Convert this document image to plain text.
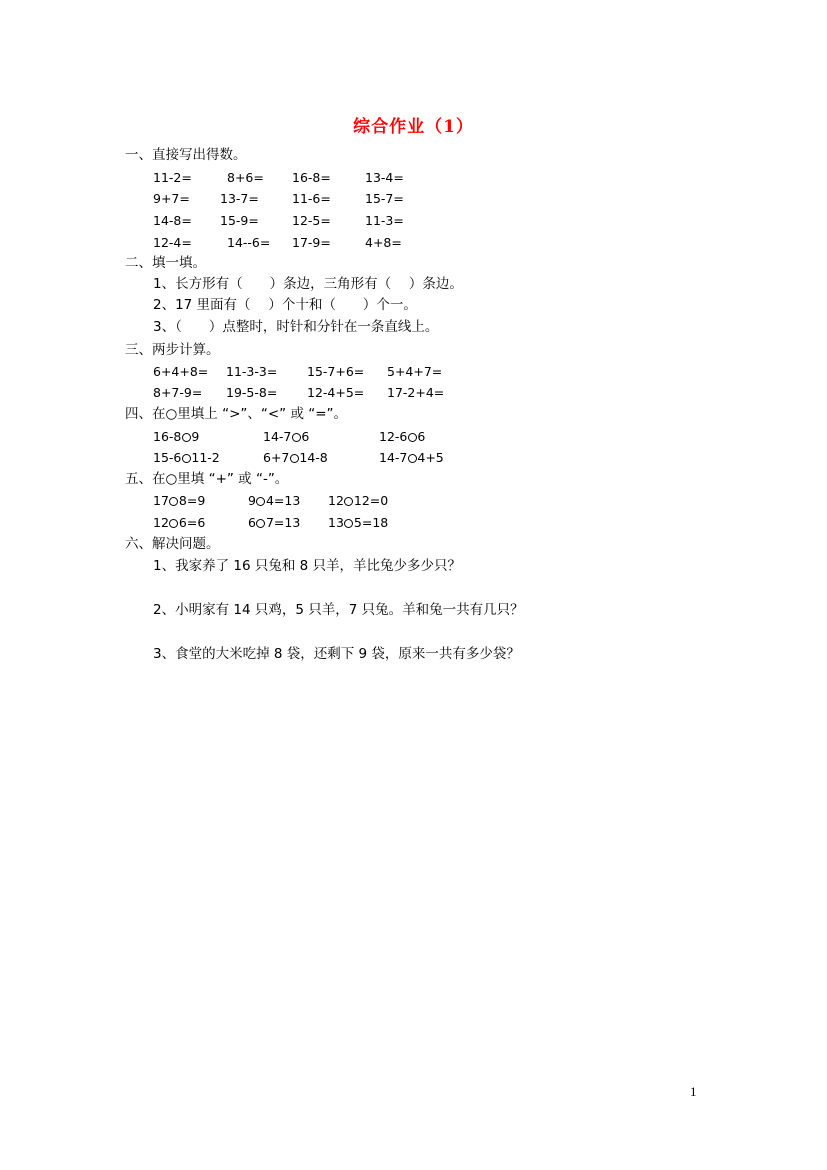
综合作业（1）
一、直接写出得数。
11-2=	8+6= 16-8=	13-4=
9+7= 13-7=	11-6=	15-7=
14-8= 15-9=	12-5=	11-3=
12-4=	14--6= 17-9=	4+8=
二、填一填。
1、长方形有（　　）条边，三角形有（　 ）条边。
2、17 里面有（　 ）个十和（　　）个一。
3、（　　）点整时，时针和分针在一条直线上。
三、两步计算。
6+4+8= 11-3-3= 15-7+6= 5+4+7=
8+7-9= 19-5-8= 12-4+5= 17-2+4=
四、在○里填上 “>”、“<” 或 “=”。
16-8 9	14-7 6	12-6 6
15-6 11-2	6+7 14-8	14-7 4+5
五、在○里填 “+” 或 “-”。
17 8=9	9 4=13 12 12=0
12 6=6	6 7=13 13 5=18
六、解决问题。
1、我家养了 16 只兔和 8 只羊，羊比兔少多少只？
2、小明家有 14 只鸡，5 只羊，7 只兔。羊和兔一共有几只？
3、食堂的大米吃掉 8 袋，还剩下 9 袋，原来一共有多少袋？
1
